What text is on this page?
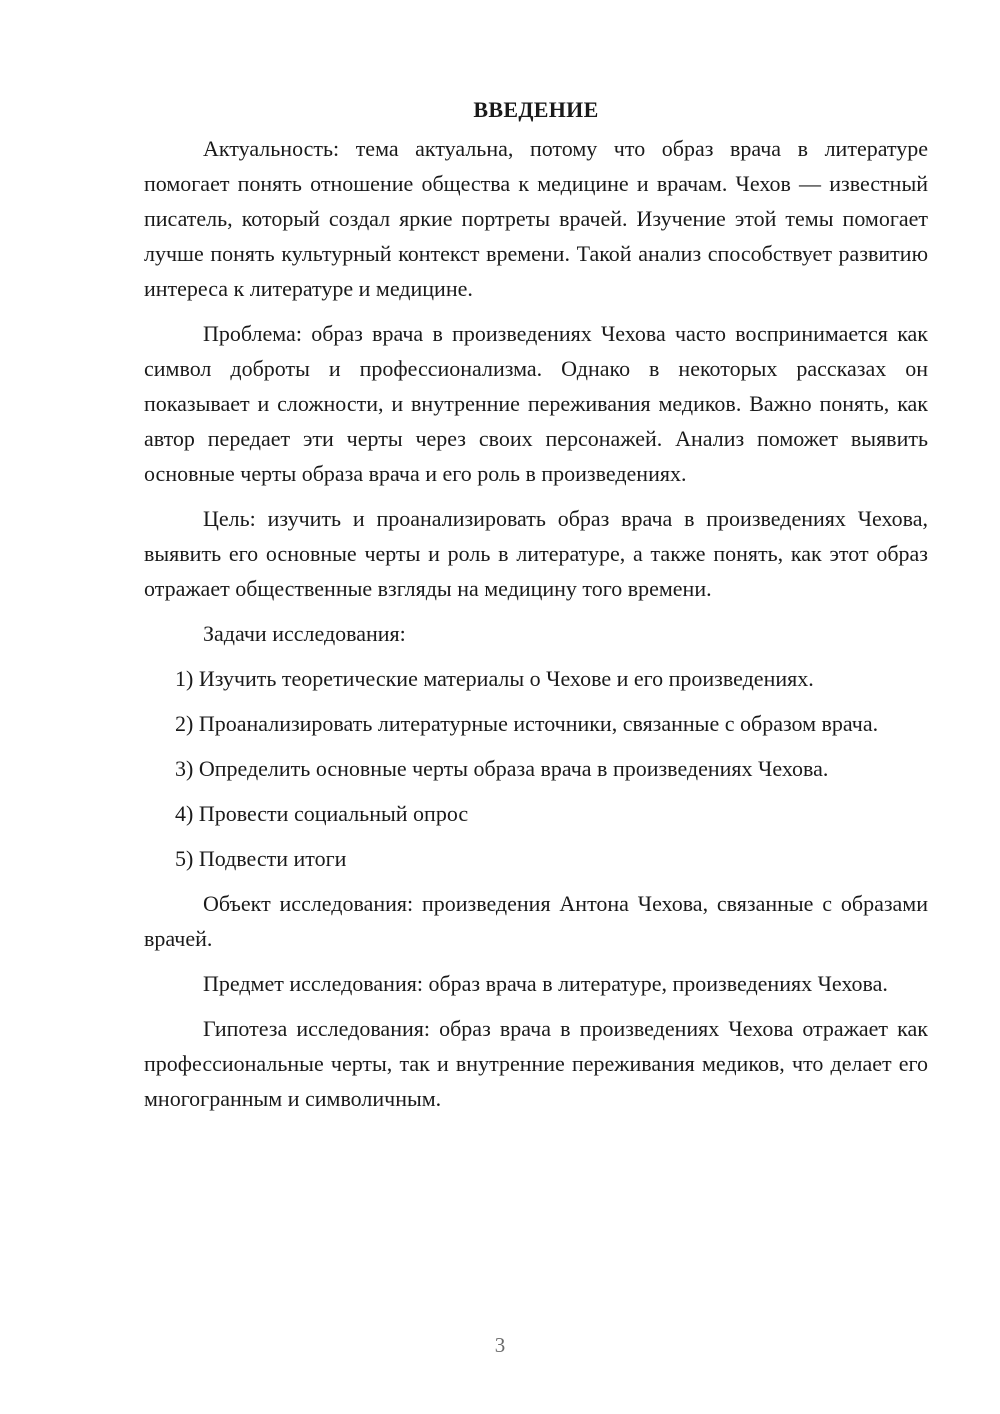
ВВЕДЕНИЕ

Актуальность: тема актуальна, потому что образ врача в литературе помогает понять отношение общества к медицине и врачам. Чехов — известный писатель, который создал яркие портреты врачей. Изучение этой темы помогает лучше понять культурный контекст времени. Такой анализ способствует развитию интереса к литературе и медицине.

Проблема: образ врача в произведениях Чехова часто воспринимается как символ доброты и профессионализма. Однако в некоторых рассказах он показывает и сложности, и внутренние переживания медиков. Важно понять, как автор передает эти черты через своих персонажей. Анализ поможет выявить основные черты образа врача и его роль в произведениях.

Цель: изучить и проанализировать образ врача в произведениях Чехова, выявить его основные черты и роль в литературе, а также понять, как этот образ отражает общественные взгляды на медицину того времени.

Задачи исследования:

1) Изучить теоретические материалы о Чехове и его произведениях.

2) Проанализировать литературные источники, связанные с образом врача.

3) Определить основные черты образа врача в произведениях Чехова.

4) Провести социальный опрос

5) Подвести итоги

Объект исследования: произведения Антона Чехова, связанные с образами врачей.

Предмет исследования: образ врача в литературе, произведениях Чехова.

Гипотеза исследования: образ врача в произведениях Чехова отражает как профессиональные черты, так и внутренние переживания медиков, что делает его многогранным и символичным.

3
